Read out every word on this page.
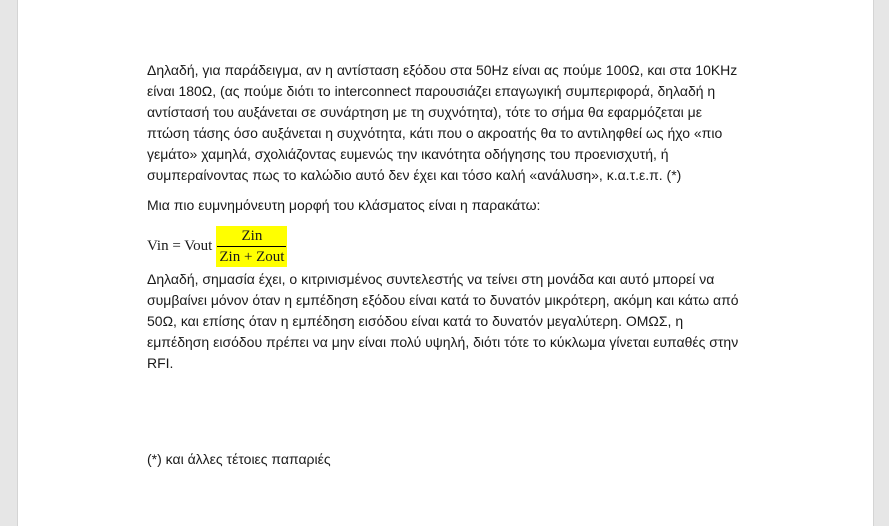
Δηλαδή, για παράδειγμα, αν η αντίσταση εξόδου στα 50Hz είναι ας πούμε 100Ω, και στα 10KHz είναι 180Ω, (ας πούμε διότι το interconnect παρουσιάζει επαγωγική συμπεριφορά, δηλαδή η αντίστασή του αυξάνεται σε συνάρτηση με τη συχνότητα), τότε το σήμα θα εφαρμόζεται με πτώση τάσης όσο αυξάνεται η συχνότητα, κάτι που ο ακροατής θα το αντιληφθεί ως ήχο «πιο γεμάτο» χαμηλά, σχολιάζοντας ευμενώς την ικανότητα οδήγησης του προενισχυτή, ή συμπεραίνοντας πως το καλώδιο αυτό δεν έχει και τόσο καλή «ανάλυση», κ.α.τ.ε.π. (*)

Μια πιο ευμνημόνευτη μορφή του κλάσματος είναι η παρακάτω:

Vin = Vout $\frac{\text{Zin}}{\text{Zin + Zout}}$

Δηλαδή, σημασία έχει, ο κιτρινισμένος συντελεστής να τείνει στη μονάδα και αυτό μπορεί να συμβαίνει μόνον όταν η εμπέδηση εξόδου είναι κατά το δυνατόν μικρότερη, ακόμη και κάτω από 50Ω, και επίσης όταν η εμπέδηση εισόδου είναι κατά το δυνατόν μεγαλύτερη. ΟΜΩΣ, η εμπέδηση εισόδου πρέπει να μην είναι πολύ υψηλή, διότι τότε το κύκλωμα γίνεται ευπαθές στην RFI.

(*) και άλλες τέτοιες παπαριές
